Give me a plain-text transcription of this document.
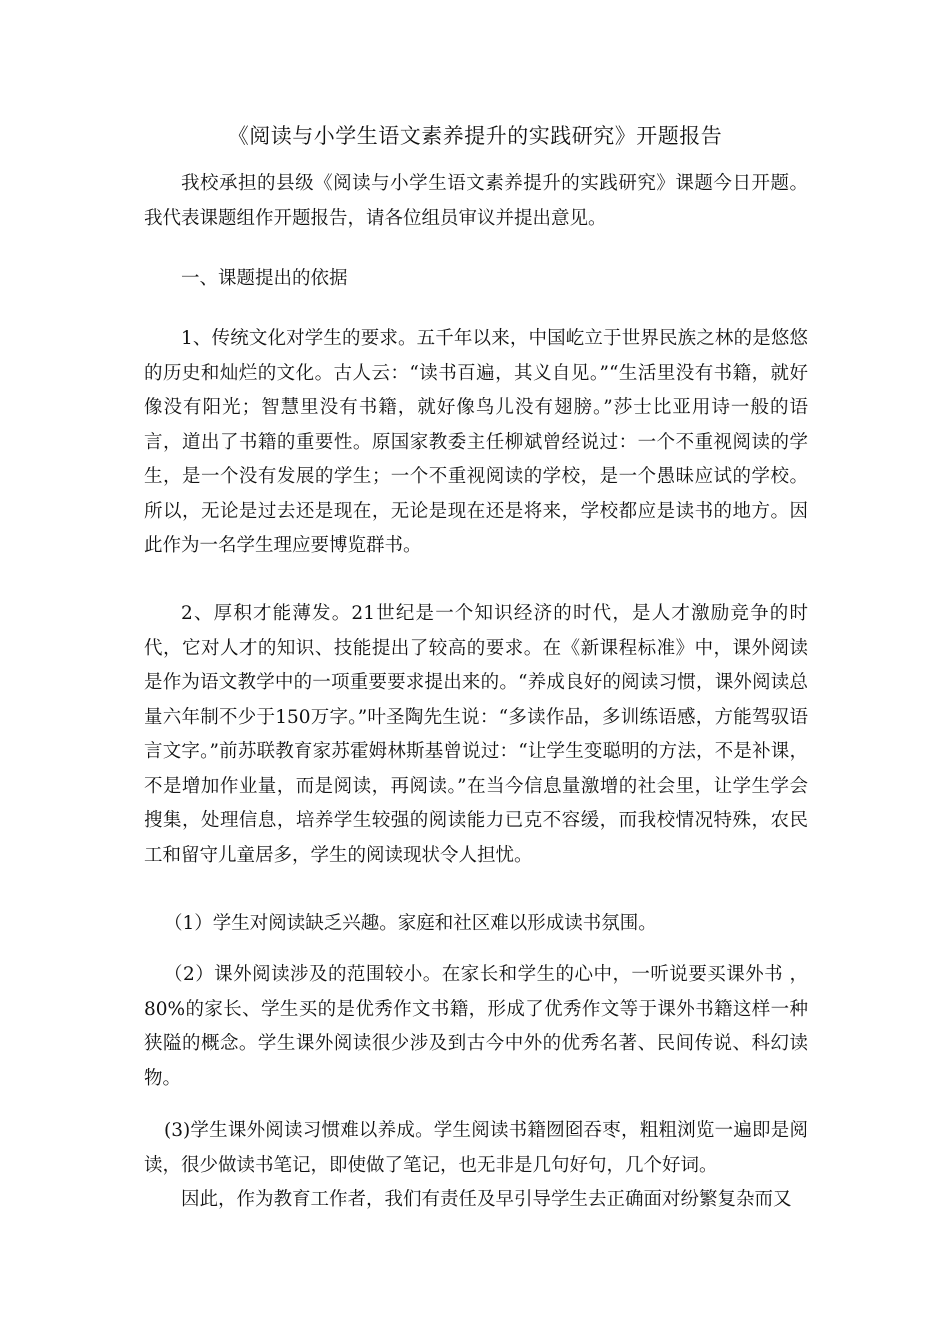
《阅读与小学生语文素养提升的实践研究》开题报告

我校承担的县级《阅读与小学生语文素养提升的实践研究》课题今日开题。我代表课题组作开题报告，请各位组员审议并提出意见。

一、课题提出的依据

1、传统文化对学生的要求。五千年以来，中国屹立于世界民族之林的是悠悠的历史和灿烂的文化。古人云：“读书百遍，其义自见。”“生活里没有书籍，就好像没有阳光；智慧里没有书籍，就好像鸟儿没有翅膀。”莎士比亚用诗一般的语言，道出了书籍的重要性。原国家教委主任柳斌曾经说过：一个不重视阅读的学生，是一个没有发展的学生；一个不重视阅读的学校，是一个愚昧应试的学校。所以，无论是过去还是现在，无论是现在还是将来，学校都应是读书的地方。因此作为一名学生理应要博览群书。

2、厚积才能薄发。21世纪是一个知识经济的时代，是人才激励竞争的时代，它对人才的知识、技能提出了较高的要求。在《新课程标准》中，课外阅读是作为语文教学中的一项重要要求提出来的。“养成良好的阅读习惯，课外阅读总量六年制不少于150万字。”叶圣陶先生说：“多读作品，多训练语感，方能驾驭语言文字。”前苏联教育家苏霍姆林斯基曾说过：“让学生变聪明的方法，不是补课，不是增加作业量，而是阅读，再阅读。”在当今信息量激增的社会里，让学生学会搜集，处理信息，培养学生较强的阅读能力已克不容缓，而我校情况特殊，农民工和留守儿童居多，学生的阅读现状令人担忧。

（1）学生对阅读缺乏兴趣。家庭和社区难以形成读书氛围。

（2）课外阅读涉及的范围较小。在家长和学生的心中，一听说要买课外书 ，80%的家长、学生买的是优秀作文书籍，形成了优秀作文等于课外书籍这样一种狭隘的概念。学生课外阅读很少涉及到古今中外的优秀名著、民间传说、科幻读物。

(3)学生课外阅读习惯难以养成。学生阅读书籍囫囵吞枣，粗粗浏览一遍即是阅读，很少做读书笔记，即使做了笔记，也无非是几句好句，几个好词。

因此，作为教育工作者，我们有责任及早引导学生去正确面对纷繁复杂而又
